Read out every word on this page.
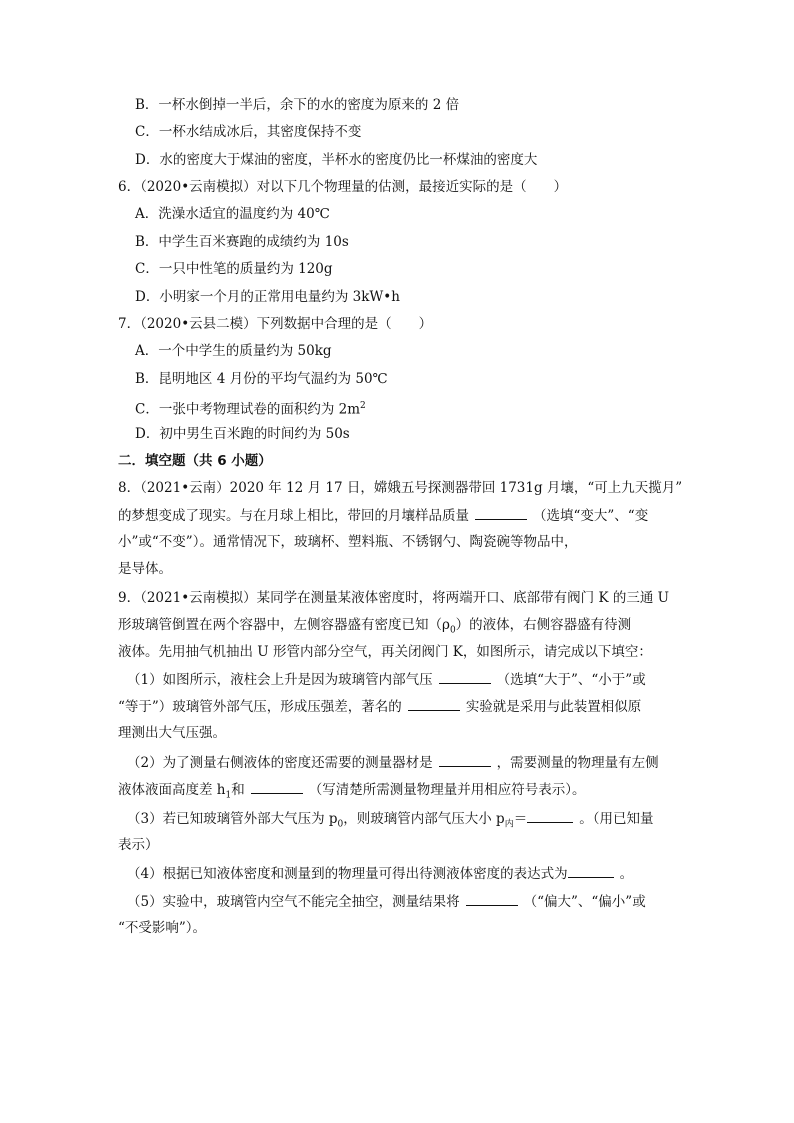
B．一杯水倒掉一半后，余下的水的密度为原来的 2 倍
C．一杯水结成冰后，其密度保持不变
D．水的密度大于煤油的密度，半杯水的密度仍比一杯煤油的密度大
6．（2020•云南模拟）对以下几个物理量的估测，最接近实际的是（　　）
A．洗澡水适宜的温度约为 40℃
B．中学生百米赛跑的成绩约为 10s
C．一只中性笔的质量约为 120g
D．小明家一个月的正常用电量约为 3kW•h
7．（2020•云县二模）下列数据中合理的是（　　）
A．一个中学生的质量约为 50kg
B．昆明地区 4 月份的平均气温约为 50℃
C．一张中考物理试卷的面积约为 $2m^2$
D．初中男生百米跑的时间约为 50s
二．填空题（共 6 小题）
8．（2021•云南）2020 年 12 月 17 日，嫦娥五号探测器带回 1731g 月壤，“可上九天揽月”
的梦想变成了现实。与在月球上相比，带回的月壤样品质量	（选填“变大”、“变
小”或“不变”）。通常情况下，玻璃杯、塑料瓶、不锈钢勺、陶瓷碗等物品中，
是导体。
9．（2021•云南模拟）某同学在测量某液体密度时，将两端开口、底部带有阀门 K 的三通 U
形玻璃管倒置在两个容器中，左侧容器盛有密度已知$(\rho_0)$的液体，右侧容器盛有待测
液体。先用抽气机抽出 U 形管内部分空气，再关闭阀门 K，如图所示，请完成以下填空：
（1）如图所示，液柱会上升是因为玻璃管内部气压	（选填“大于”、“小于”或
“等于”）玻璃管外部气压，形成压强差，著名的	实验就是采用与此装置相似原
理测出大气压强。
（2）为了测量右侧液体的密度还需要的测量器材是	，需要测量的物理量有左侧
液体液面高度差 $h_1$和	（写清楚所需测量物理量并用相应符号表示）。
（3）若已知玻璃管外部大气压为 $p_0$，则玻璃管内部气压大小 $p_内=$	。（用已知量
表示）
（4）根据已知液体密度和测量到的物理量可得出待测液体密度的表达式为	。
（5）实验中，玻璃管内空气不能完全抽空，测量结果将	（“偏大”、“偏小”或
“不受影响”）。
